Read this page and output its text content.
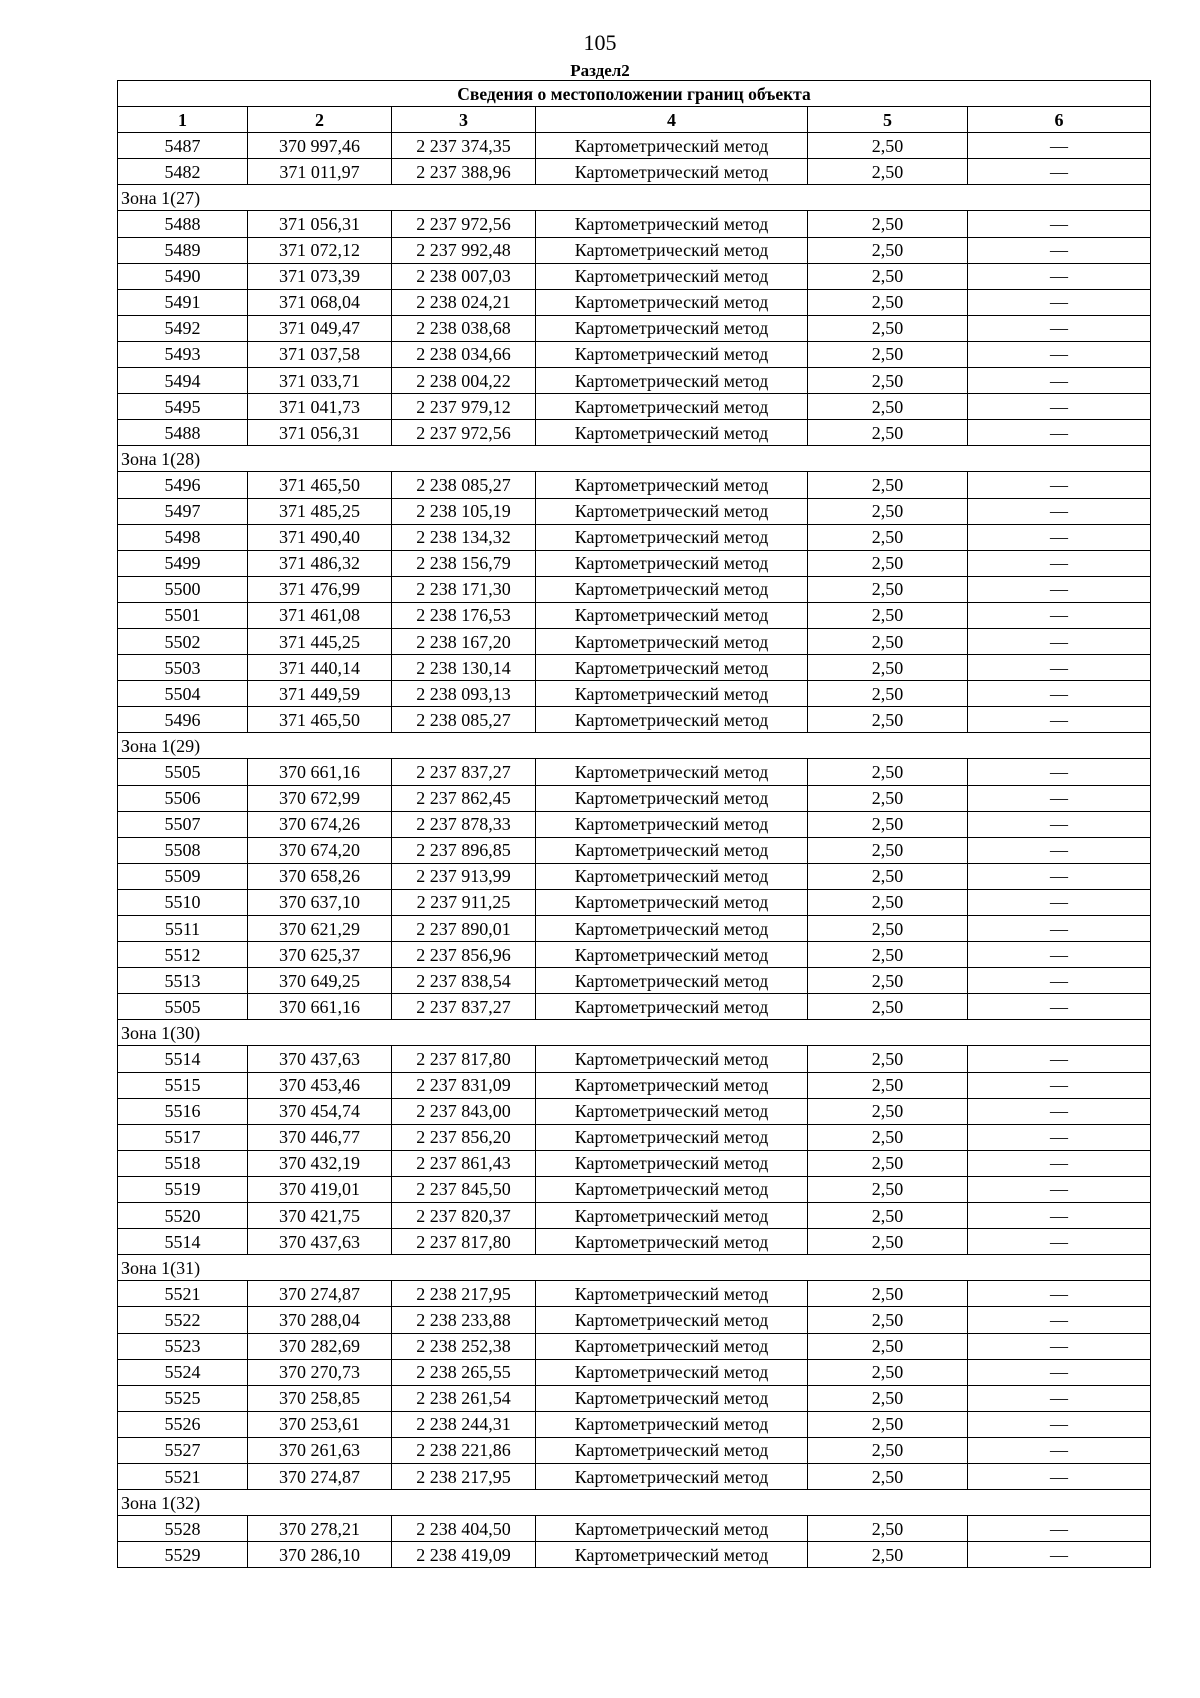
105
Раздел2
Сведения о местоположении границ объекта					
1	2	3	4	5	6
5487	370 997,46	2 237 374,35	Картометрический метод	2,50	—
5482	371 011,97	2 237 388,96	Картометрический метод	2,50	—
Зона 1(27)					
5488	371 056,31	2 237 972,56	Картометрический метод	2,50	—
5489	371 072,12	2 237 992,48	Картометрический метод	2,50	—
5490	371 073,39	2 238 007,03	Картометрический метод	2,50	—
5491	371 068,04	2 238 024,21	Картометрический метод	2,50	—
5492	371 049,47	2 238 038,68	Картометрический метод	2,50	—
5493	371 037,58	2 238 034,66	Картометрический метод	2,50	—
5494	371 033,71	2 238 004,22	Картометрический метод	2,50	—
5495	371 041,73	2 237 979,12	Картометрический метод	2,50	—
5488	371 056,31	2 237 972,56	Картометрический метод	2,50	—
Зона 1(28)					
5496	371 465,50	2 238 085,27	Картометрический метод	2,50	—
5497	371 485,25	2 238 105,19	Картометрический метод	2,50	—
5498	371 490,40	2 238 134,32	Картометрический метод	2,50	—
5499	371 486,32	2 238 156,79	Картометрический метод	2,50	—
5500	371 476,99	2 238 171,30	Картометрический метод	2,50	—
5501	371 461,08	2 238 176,53	Картометрический метод	2,50	—
5502	371 445,25	2 238 167,20	Картометрический метод	2,50	—
5503	371 440,14	2 238 130,14	Картометрический метод	2,50	—
5504	371 449,59	2 238 093,13	Картометрический метод	2,50	—
5496	371 465,50	2 238 085,27	Картометрический метод	2,50	—
Зона 1(29)					
5505	370 661,16	2 237 837,27	Картометрический метод	2,50	—
5506	370 672,99	2 237 862,45	Картометрический метод	2,50	—
5507	370 674,26	2 237 878,33	Картометрический метод	2,50	—
5508	370 674,20	2 237 896,85	Картометрический метод	2,50	—
5509	370 658,26	2 237 913,99	Картометрический метод	2,50	—
5510	370 637,10	2 237 911,25	Картометрический метод	2,50	—
5511	370 621,29	2 237 890,01	Картометрический метод	2,50	—
5512	370 625,37	2 237 856,96	Картометрический метод	2,50	—
5513	370 649,25	2 237 838,54	Картометрический метод	2,50	—
5505	370 661,16	2 237 837,27	Картометрический метод	2,50	—
Зона 1(30)					
5514	370 437,63	2 237 817,80	Картометрический метод	2,50	—
5515	370 453,46	2 237 831,09	Картометрический метод	2,50	—
5516	370 454,74	2 237 843,00	Картометрический метод	2,50	—
5517	370 446,77	2 237 856,20	Картометрический метод	2,50	—
5518	370 432,19	2 237 861,43	Картометрический метод	2,50	—
5519	370 419,01	2 237 845,50	Картометрический метод	2,50	—
5520	370 421,75	2 237 820,37	Картометрический метод	2,50	—
5514	370 437,63	2 237 817,80	Картометрический метод	2,50	—
Зона 1(31)					
5521	370 274,87	2 238 217,95	Картометрический метод	2,50	—
5522	370 288,04	2 238 233,88	Картометрический метод	2,50	—
5523	370 282,69	2 238 252,38	Картометрический метод	2,50	—
5524	370 270,73	2 238 265,55	Картометрический метод	2,50	—
5525	370 258,85	2 238 261,54	Картометрический метод	2,50	—
5526	370 253,61	2 238 244,31	Картометрический метод	2,50	—
5527	370 261,63	2 238 221,86	Картометрический метод	2,50	—
5521	370 274,87	2 238 217,95	Картометрический метод	2,50	—
Зона 1(32)					
5528	370 278,21	2 238 404,50	Картометрический метод	2,50	—
5529	370 286,10	2 238 419,09	Картометрический метод	2,50	—
